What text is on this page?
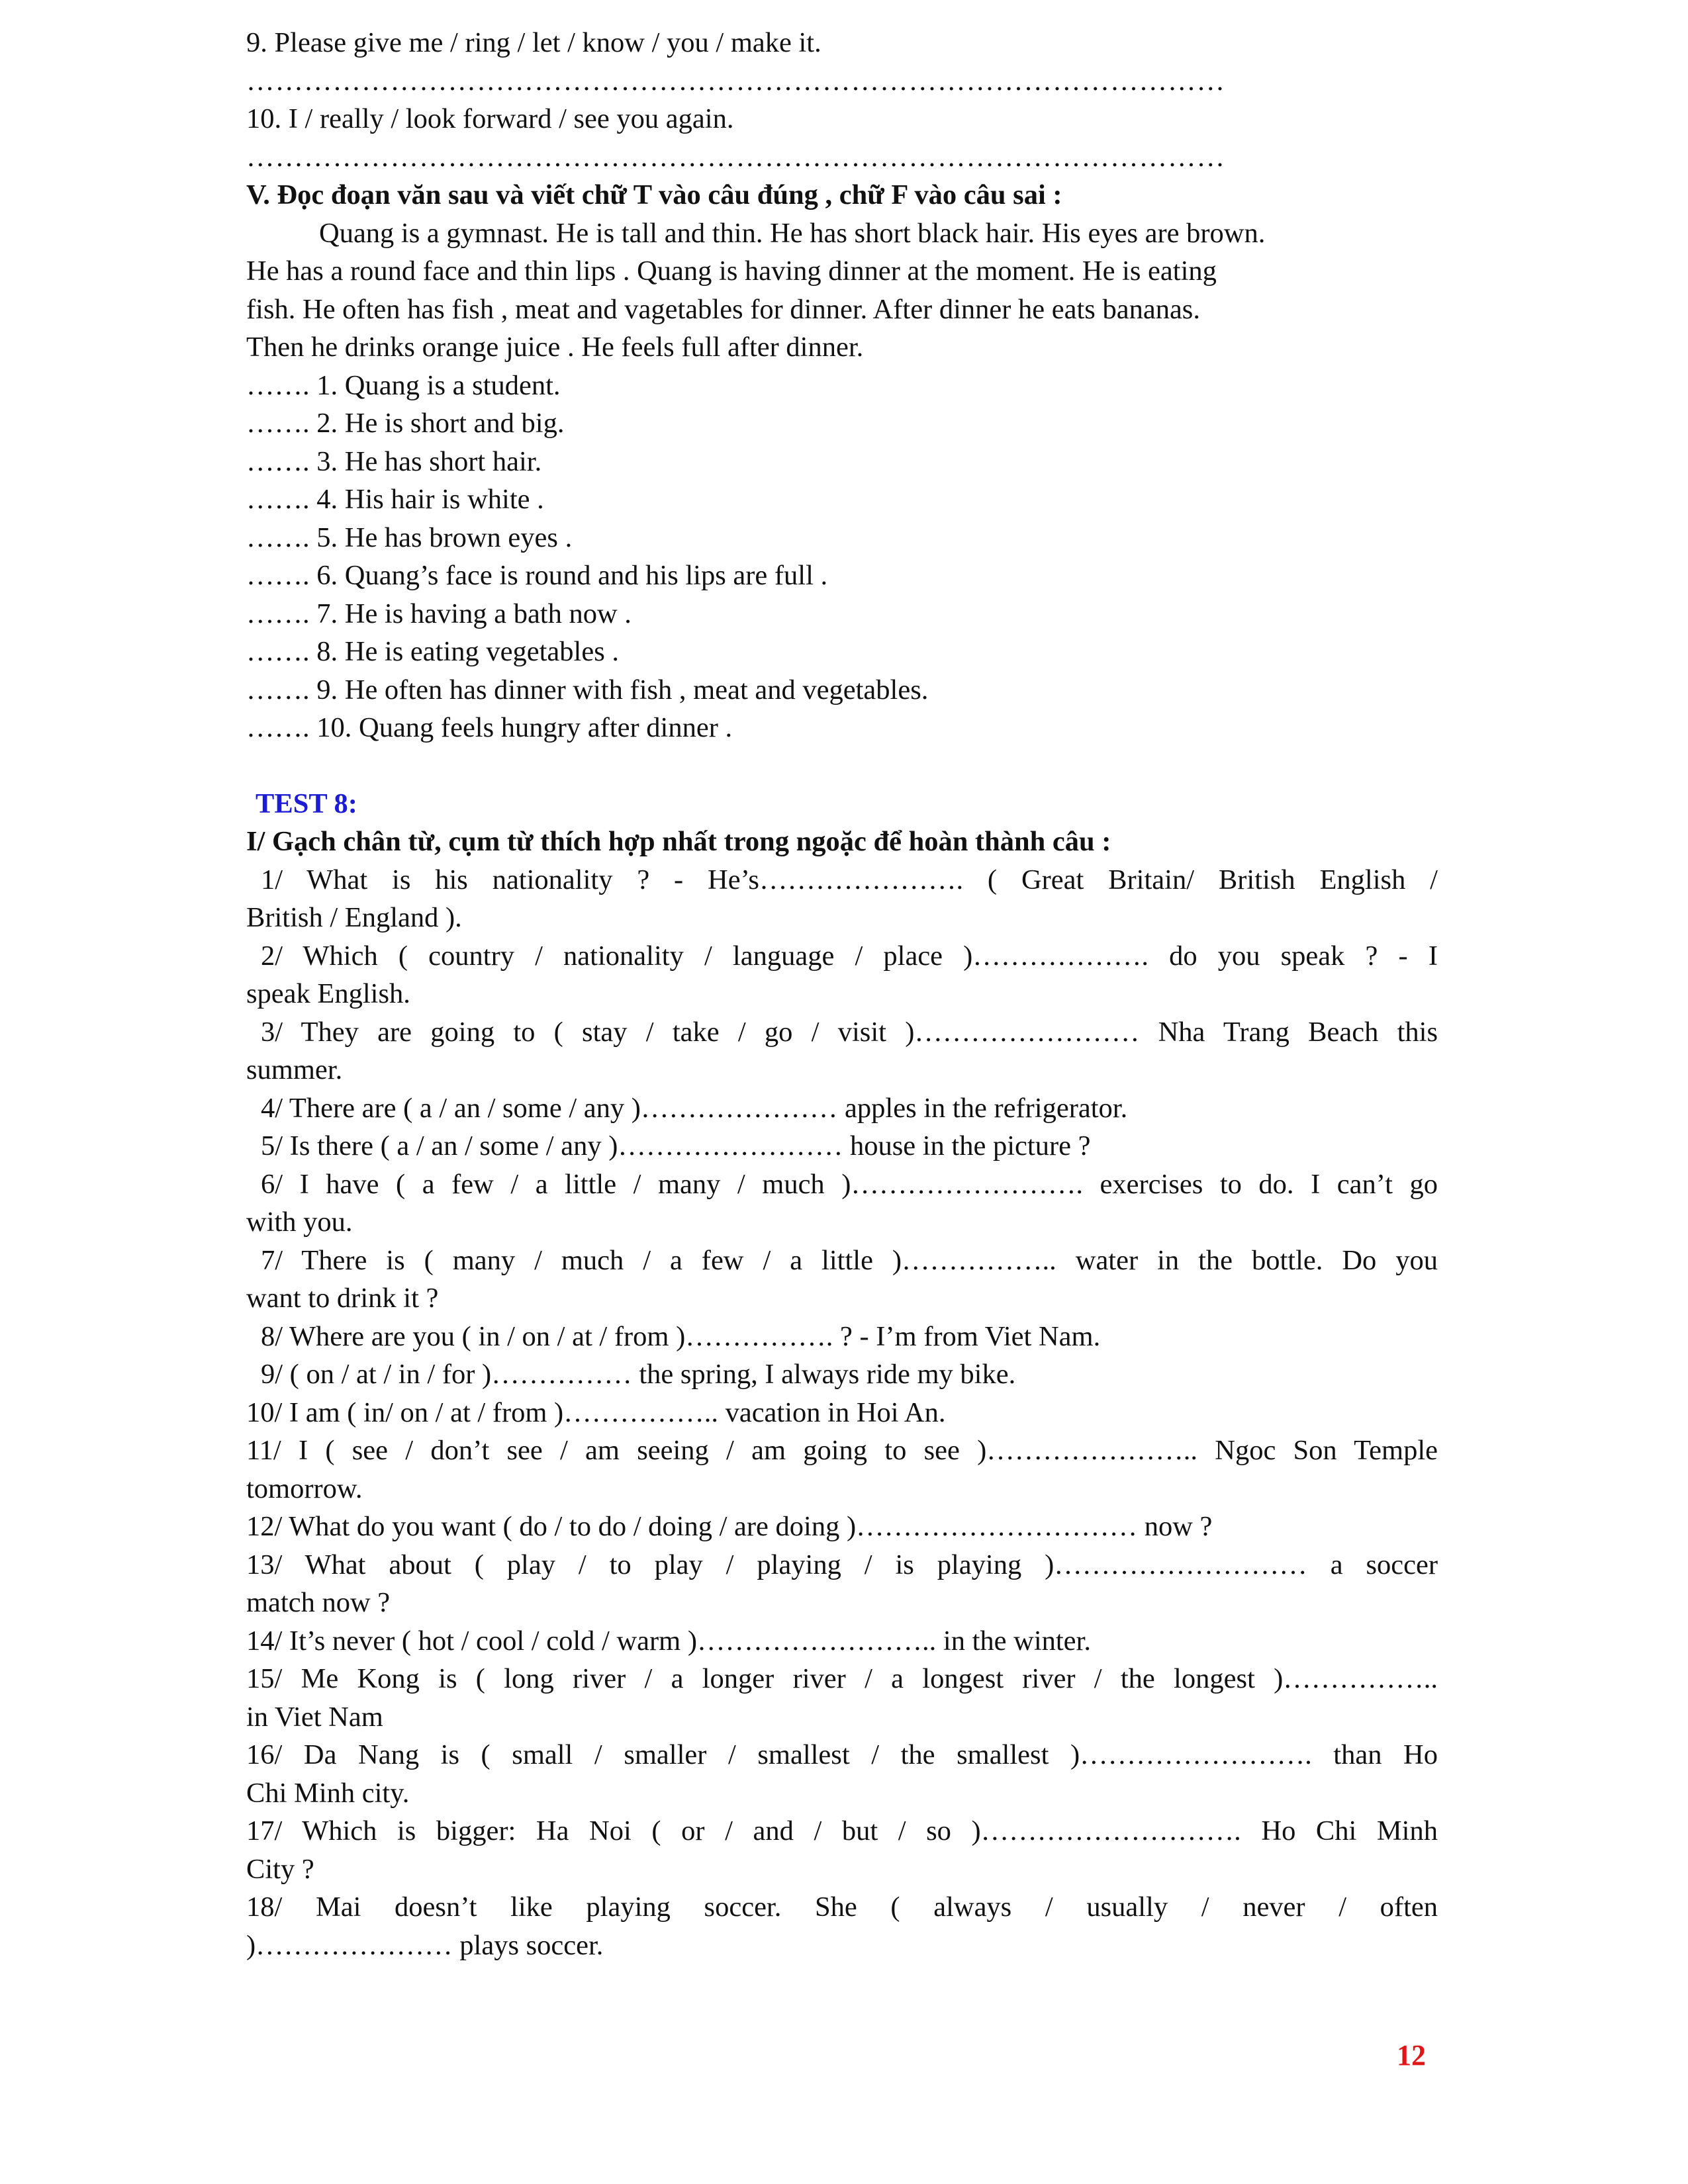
9. Please give me / ring / let / know / you / make it.
…………………………………………………………………………………………
10. I / really / look forward / see you again.
…………………………………………………………………………………………
V. Đọc đoạn văn sau và viết chữ T vào câu đúng , chữ F vào câu sai :
Quang is a gymnast. He is tall and thin. He has short black hair. His eyes are brown.
He has a round face and thin lips . Quang is having dinner at the moment. He is eating
fish. He often has fish , meat and vagetables for dinner. After dinner he eats bananas.
Then he drinks orange juice . He feels full after dinner.
……. 1. Quang is a student.
……. 2. He is short and big.
……. 3. He has short hair.
……. 4. His hair is white .
……. 5. He has brown eyes .
……. 6. Quang’s face is round and his lips are full .
……. 7. He is having a bath now .
……. 8. He is eating vegetables .
……. 9. He often has dinner with fish , meat and vegetables.
……. 10. Quang feels hungry after dinner .
TEST 8:
I/ Gạch chân từ, cụm từ thích hợp nhất trong ngoặc để hoàn thành câu :
1/ What is his nationality ? - He’s…………………. ( Great Britain/ British English /
British / England ).
2/ Which ( country / nationality / language / place )………………. do you speak ? - I
speak English.
3/ They are going to ( stay / take / go / visit )…………………… Nha Trang Beach this
summer.
4/ There are ( a / an / some / any )………………… apples in the refrigerator.
5/ Is there ( a / an / some / any )…………………… house in the picture ?
6/ I have ( a few / a little / many / much )……………………. exercises to do. I can’t go
with you.
7/ There is ( many / much / a few / a little )…………….. water in the bottle. Do you
want to drink it ?
8/ Where are you ( in / on / at / from )……………. ? - I’m from Viet Nam.
9/ ( on / at / in / for )…………… the spring, I always ride my bike.
10/ I am ( in/ on / at / from )…………….. vacation in Hoi An.
11/ I ( see / don’t see / am seeing / am going to see )………………….. Ngoc Son Temple
tomorrow.
12/ What do you want ( do / to do / doing / are doing )………………………… now ?
13/ What about ( play / to play / playing / is playing )……………………… a soccer
match now ?
14/ It’s never ( hot / cool / cold / warm )…………………….. in the winter.
15/ Me Kong is ( long river / a longer river / a longest river / the longest )……………..
in Viet Nam
16/ Da Nang is ( small / smaller / smallest / the smallest )……………………. than Ho
Chi Minh city.
17/ Which is bigger: Ha Noi ( or / and / but / so )………………………. Ho Chi Minh
City ?
18/ Mai doesn’t like playing soccer. She ( always / usually / never / often
)………………… plays soccer.
12
